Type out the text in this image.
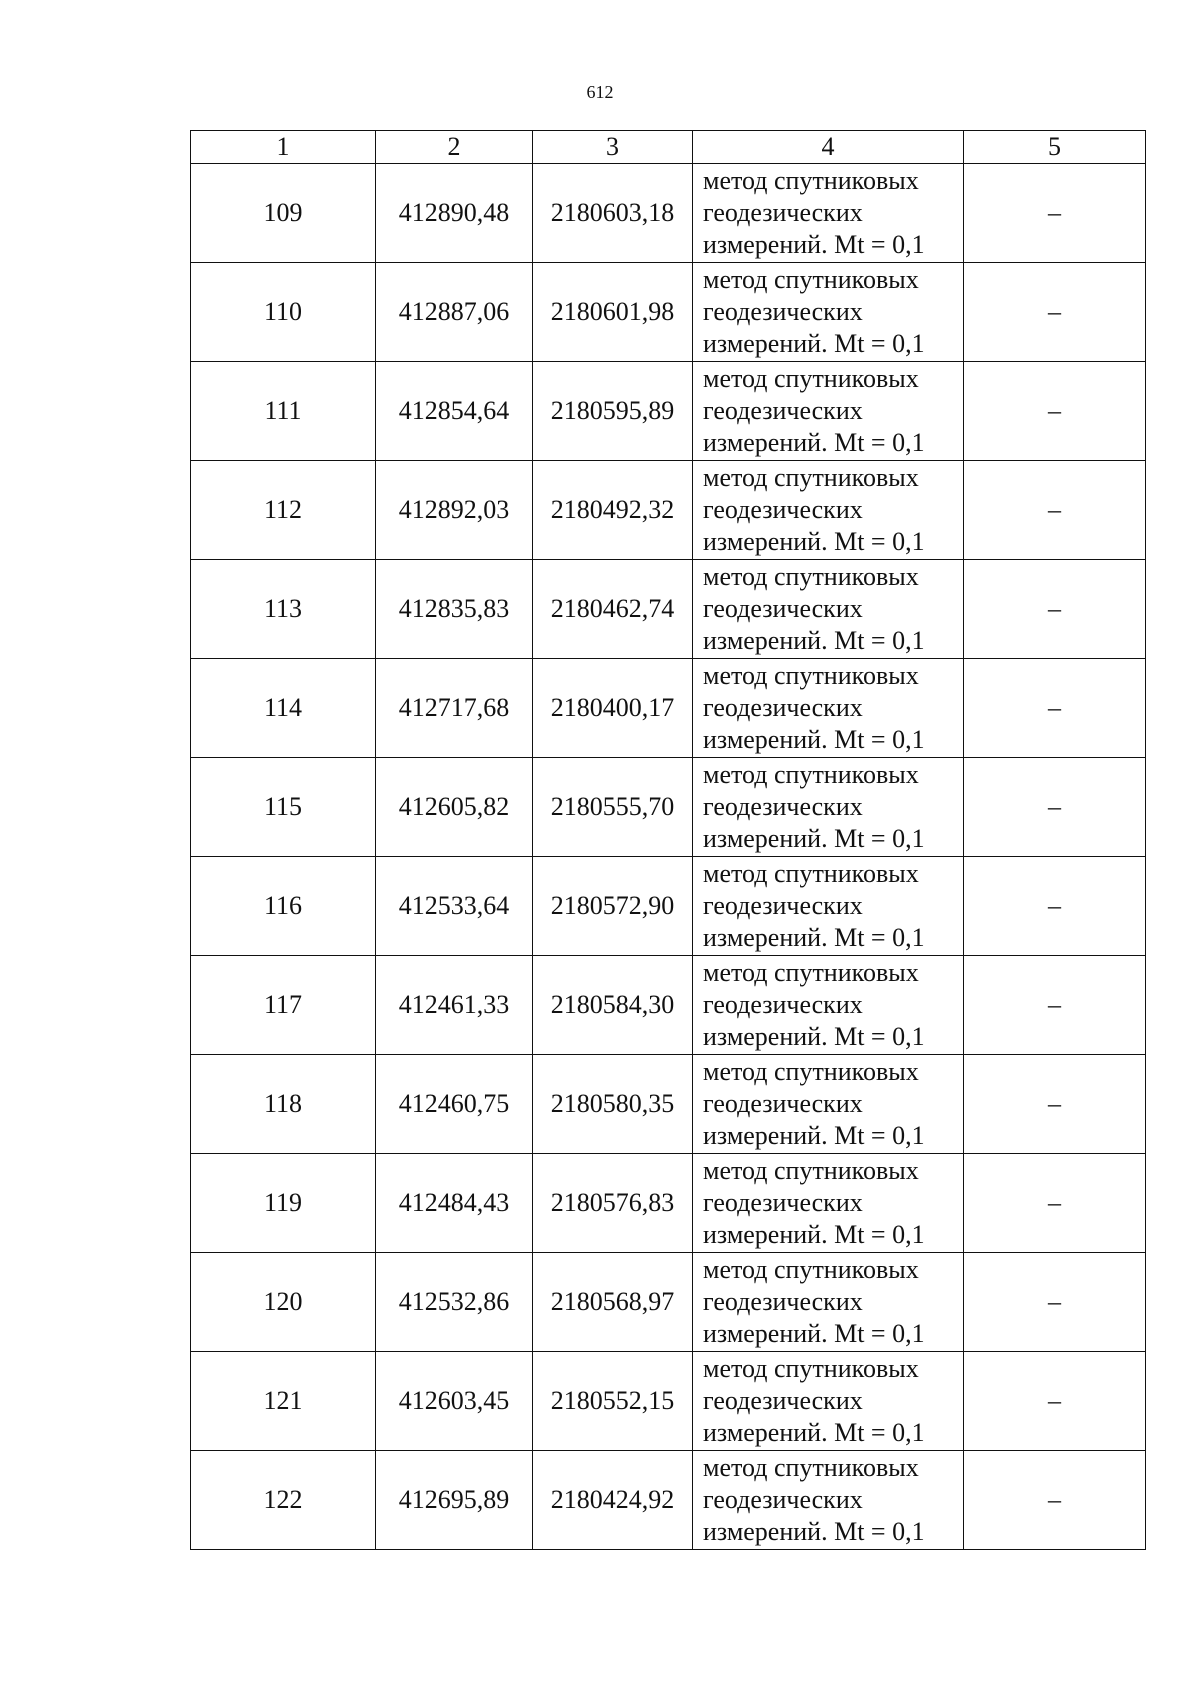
612
1	2	3	4	5
109	412890,48	2180603,18	метод спутниковых
геодезических
измерений. Mt = 0,1	–
110	412887,06	2180601,98	метод спутниковых
геодезических
измерений. Mt = 0,1	–
111	412854,64	2180595,89	метод спутниковых
геодезических
измерений. Mt = 0,1	–
112	412892,03	2180492,32	метод спутниковых
геодезических
измерений. Mt = 0,1	–
113	412835,83	2180462,74	метод спутниковых
геодезических
измерений. Mt = 0,1	–
114	412717,68	2180400,17	метод спутниковых
геодезических
измерений. Mt = 0,1	–
115	412605,82	2180555,70	метод спутниковых
геодезических
измерений. Mt = 0,1	–
116	412533,64	2180572,90	метод спутниковых
геодезических
измерений. Mt = 0,1	–
117	412461,33	2180584,30	метод спутниковых
геодезических
измерений. Mt = 0,1	–
118	412460,75	2180580,35	метод спутниковых
геодезических
измерений. Mt = 0,1	–
119	412484,43	2180576,83	метод спутниковых
геодезических
измерений. Mt = 0,1	–
120	412532,86	2180568,97	метод спутниковых
геодезических
измерений. Mt = 0,1	–
121	412603,45	2180552,15	метод спутниковых
геодезических
измерений. Mt = 0,1	–
122	412695,89	2180424,92	метод спутниковых
геодезических
измерений. Mt = 0,1	–
